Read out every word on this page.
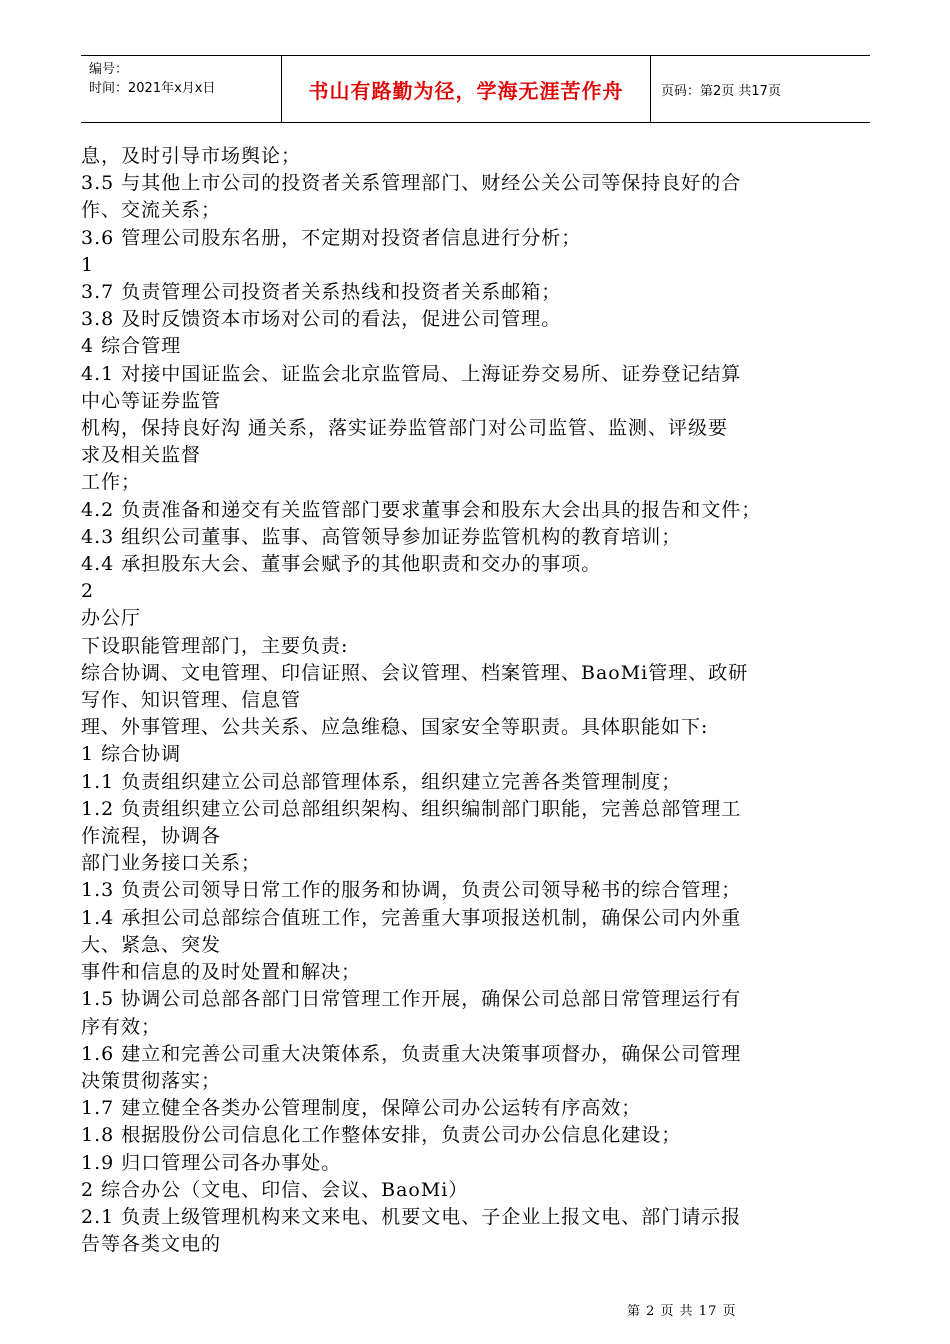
编号：
时间：2021年x月x日	书山有路勤为径，学海无涯苦作舟	页码：第2页 共17页

息，及时引导市场舆论；

3.5 与其他上市公司的投资者关系管理部门、财经公关公司等保持良好的合

作、交流关系；

3.6 管理公司股东名册，不定期对投资者信息进行分析；

1

3.7 负责管理公司投资者关系热线和投资者关系邮箱；

3.8 及时反馈资本市场对公司的看法，促进公司管理。

4 综合管理

4.1 对接中国证监会、证监会北京监管局、上海证券交易所、证券登记结算

中心等证券监管

机构，保持良好沟 通关系，落实证券监管部门对公司监管、监测、评级要

求及相关监督

工作；

4.2 负责准备和递交有关监管部门要求董事会和股东大会出具的报告和文件；

4.3 组织公司董事、监事、高管领导参加证券监管机构的教育培训；

4.4 承担股东大会、董事会赋予的其他职责和交办的事项。

2

办公厅

下设职能管理部门，主要负责:

综合协调、文电管理、印信证照、会议管理、档案管理、BaoMi管理、政研

写作、知识管理、信息管

理、外事管理、公共关系、应急维稳、国家安全等职责。具体职能如下:

1 综合协调

1.1 负责组织建立公司总部管理体系，组织建立完善各类管理制度；

1.2 负责组织建立公司总部组织架构、组织编制部门职能，完善总部管理工

作流程，协调各

部门业务接口关系；

1.3 负责公司领导日常工作的服务和协调，负责公司领导秘书的综合管理；

1.4 承担公司总部综合值班工作，完善重大事项报送机制，确保公司内外重

大、紧急、突发

事件和信息的及时处置和解决；

1.5 协调公司总部各部门日常管理工作开展，确保公司总部日常管理运行有

序有效；

1.6 建立和完善公司重大决策体系，负责重大决策事项督办，确保公司管理

决策贯彻落实；

1.7 建立健全各类办公管理制度，保障公司办公运转有序高效；

1.8 根据股份公司信息化工作整体安排，负责公司办公信息化建设；

1.9 归口管理公司各办事处。

2 综合办公（文电、印信、会议、BaoMi）

2.1 负责上级管理机构来文来电、机要文电、子企业上报文电、部门请示报

告等各类文电的

第 2 页 共 17 页
